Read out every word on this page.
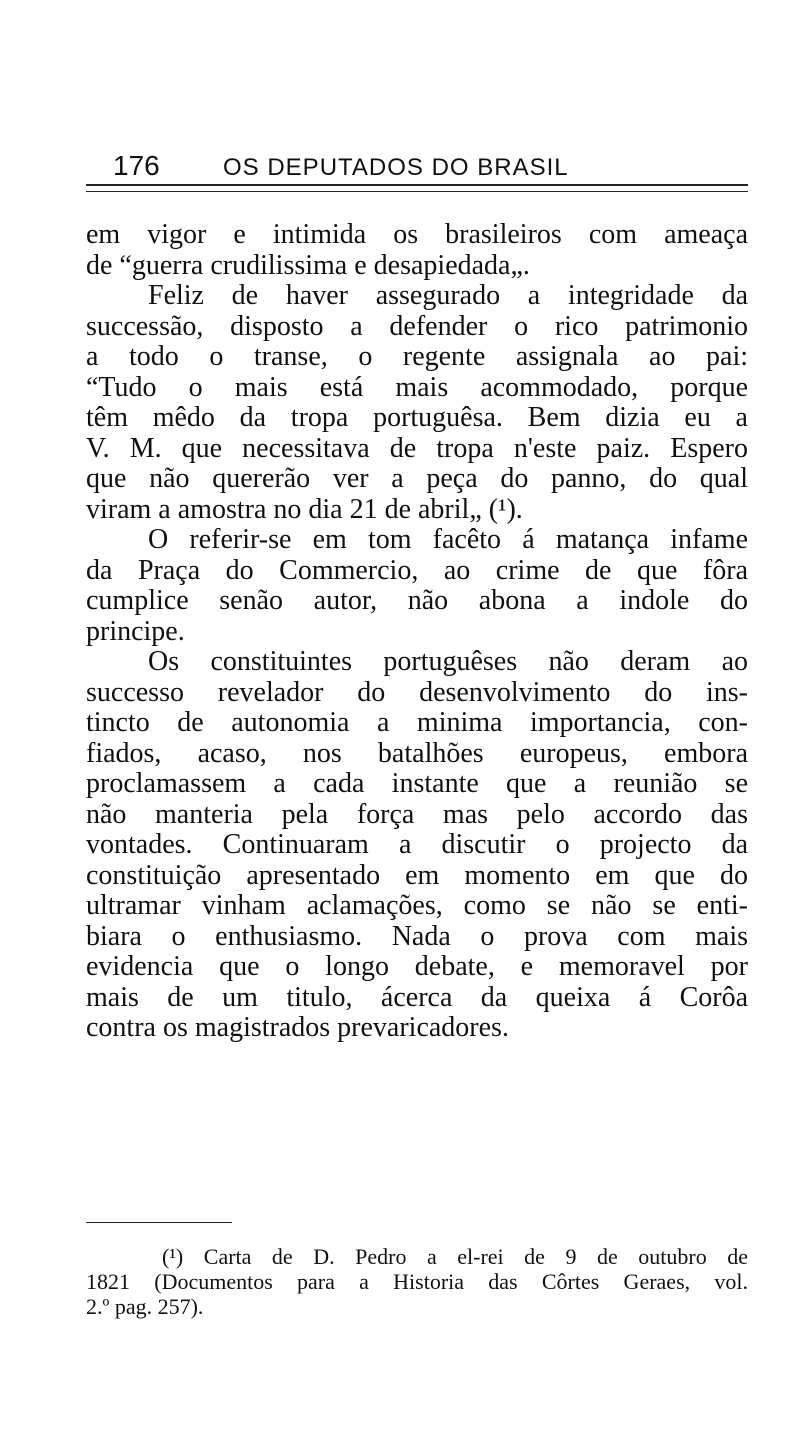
176	OS DEPUTADOS DO BRASIL
em vigor e intimida os brasileiros com ameaça
de “guerra crudilissima e desapiedada„.
Feliz de haver assegurado a integridade da
successão, disposto a defender o rico patrimonio
a todo o transe, o regente assignala ao pai:
“Tudo o mais está mais acommodado, porque
têm mêdo da tropa portuguêsa. Bem dizia eu a
V. M. que necessitava de tropa n'este paiz. Espero
que não quererão ver a peça do panno, do qual
viram a amostra no dia 21 de abril„ (¹).
O referir-se em tom facêto á matança infame
da Praça do Commercio, ao crime de que fôra
cumplice senão autor, não abona a indole do
principe.
Os constituintes portuguêses não deram ao
successo revelador do desenvolvimento do ins-
tincto de autonomia a minima importancia, con-
fiados, acaso, nos batalhões europeus, embora
proclamassem a cada instante que a reunião se
não manteria pela força mas pelo accordo das
vontades. Continuaram a discutir o projecto da
constituição apresentado em momento em que do
ultramar vinham aclamações, como se não se enti-
biara o enthusiasmo. Nada o prova com mais
evidencia que o longo debate, e memoravel por
mais de um titulo, ácerca da queixa á Corôa
contra os magistrados prevaricadores.
(¹) Carta de D. Pedro a el-rei de 9 de outubro de
1821 (Documentos para a Historia das Côrtes Geraes, vol.
2.º pag. 257).
